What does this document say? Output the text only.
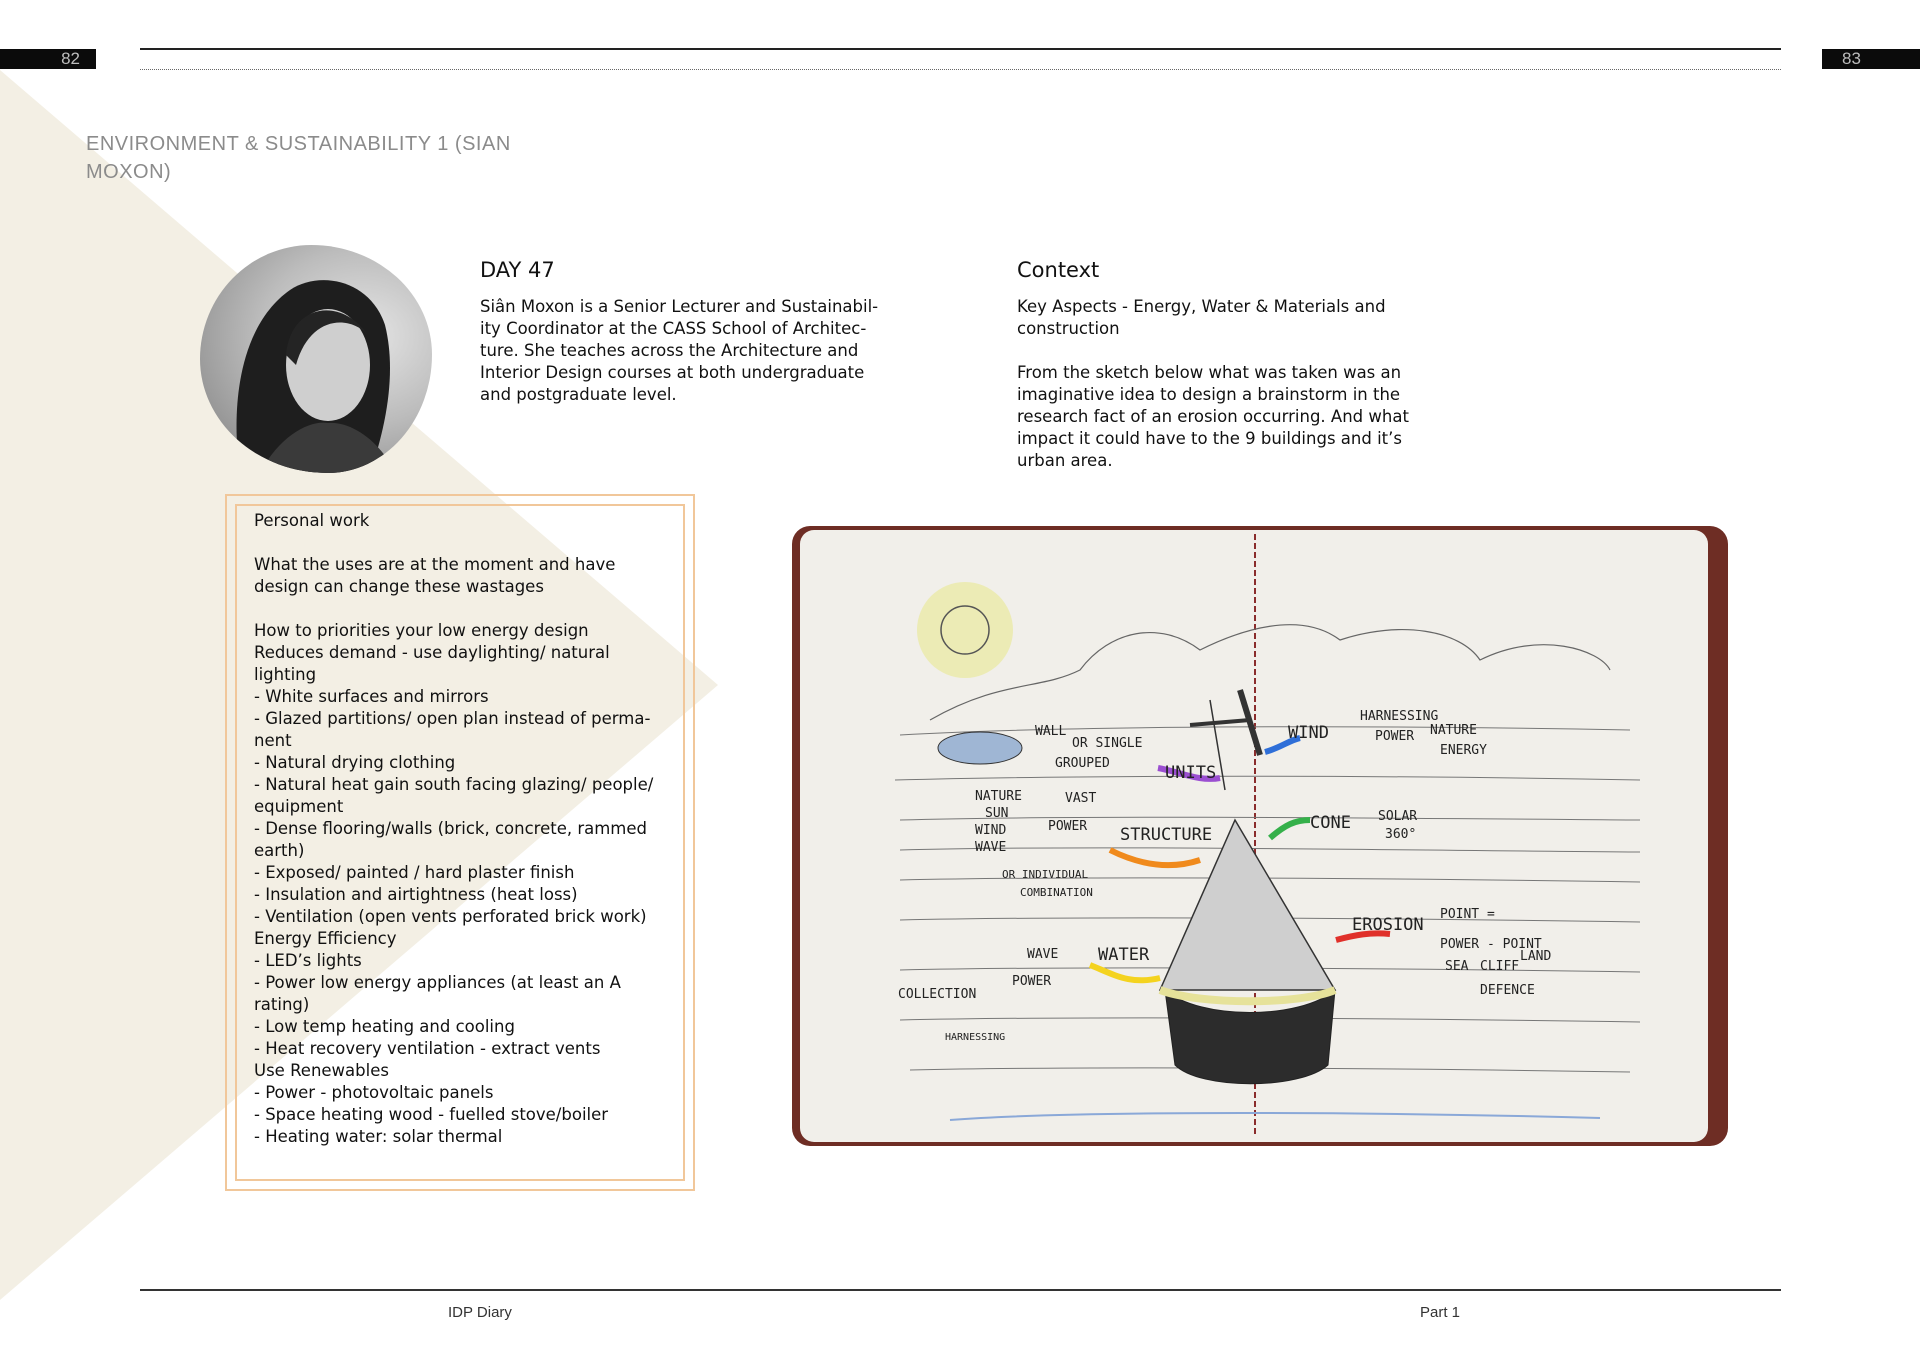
82	83
ENVIRONMENT & SUSTAINABILITY 1 (SIAN MOXON)
DAY 47
Siân Moxon is a Senior Lecturer and Sustainabil-
ity Coordinator at the CASS School of Architec-
ture. She teaches across the Architecture and
Interior Design courses at both undergraduate
and postgraduate level.
Context
Key Aspects - Energy, Water & Materials and
construction

From the sketch below what was taken was an
imaginative idea to design a brainstorm in the
research fact of an erosion occurring. And what
impact it could have to the 9 buildings and it’s
urban area.
Personal work

What the uses are at the moment and have
design can change these wastages

How to priorities your low energy design
Reduces demand - use daylighting/ natural
lighting
- White surfaces and mirrors
- Glazed partitions/ open plan instead of perma-
nent
- Natural drying clothing
- Natural heat gain south facing glazing/ people/
equipment
- Dense flooring/walls (brick, concrete, rammed
earth)
- Exposed/ painted / hard plaster finish
- Insulation and airtightness (heat loss)
- Ventilation (open vents perforated brick work)
Energy Efficiency
- LED’s lights
- Power low energy appliances (at least an A
rating)
- Low temp heating and cooling
- Heat recovery ventilation - extract vents
Use Renewables
- Power - photovoltaic panels
- Space heating wood - fuelled stove/boiler
- Heating water: solar thermal
WALL
OR SINGLE
GROUPED	UNITS
WIND
HARNESSING
POWER NATURE
ENERGY
NATURE
SUN
WIND
WAVE
VAST
POWER STRUCTURE
OR INDIVIDUAL
COMBINATION
CONE SOLAR
360°
EROSION
POINT =
POWER - POINT
SEA CLIFF
LAND
DEFENCE
WAVE WATER
COLLECTION
POWER
HARNESSING
IDP Diary	Part 1
